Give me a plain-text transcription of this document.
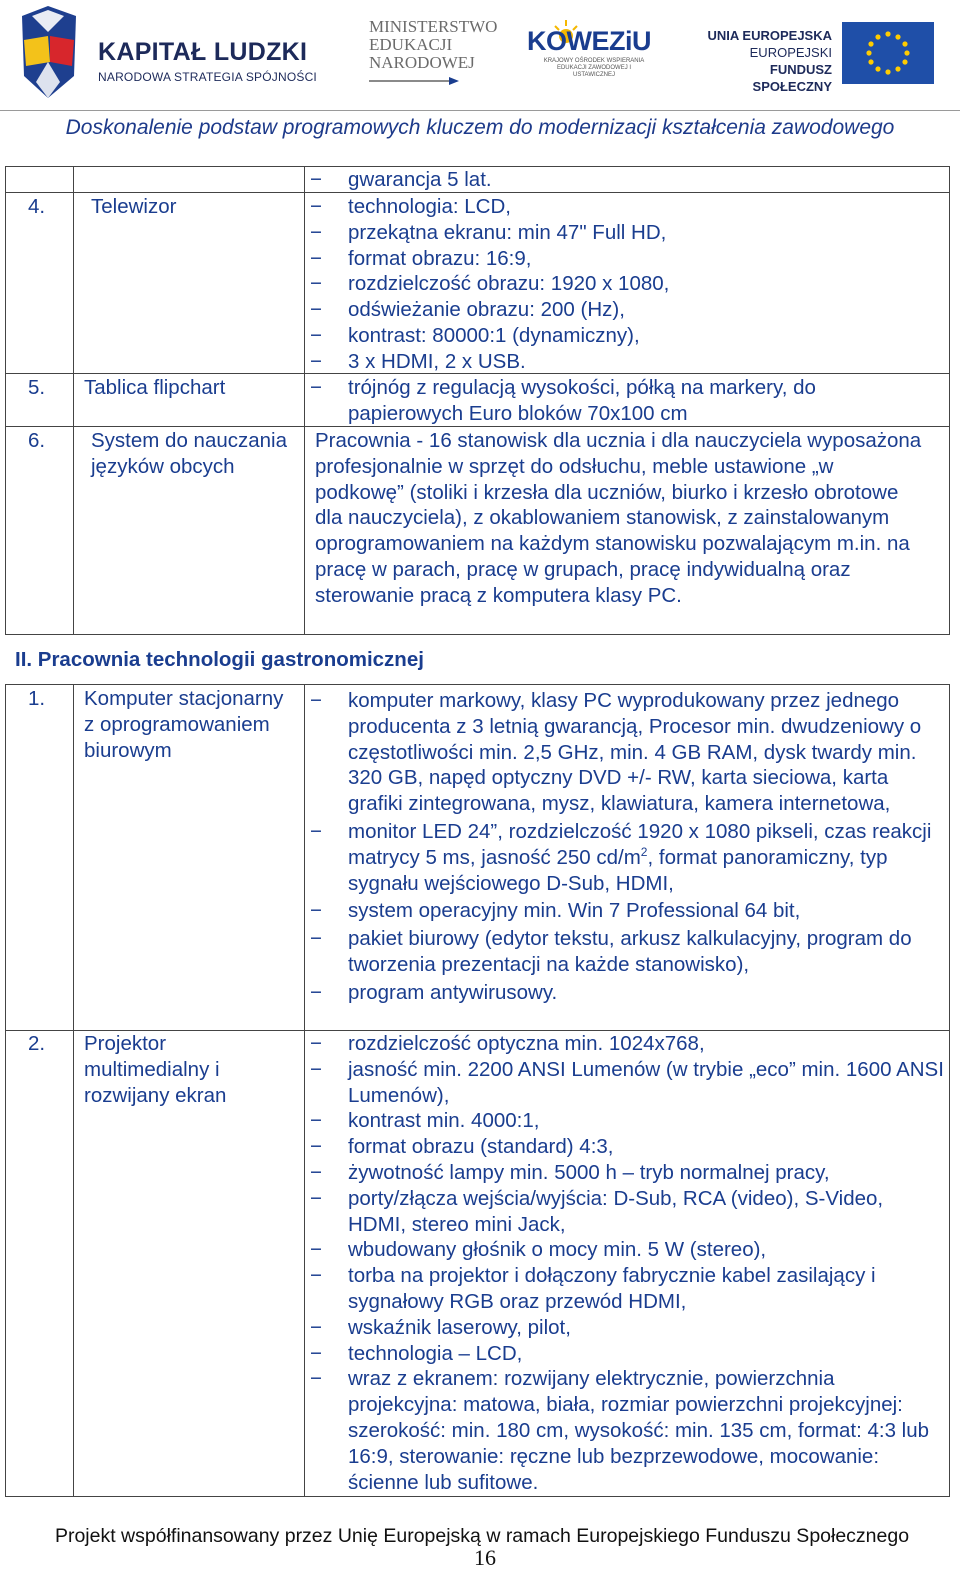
KAPITAŁ LUDZKI
NARODOWA STRATEGIA SPÓJNOŚCI
MINISTERSTWO
EDUKACJI
NARODOWEJ
KOWEZiU
KRAJOWY OŚRODEK WSPIERANIA EDUKACJI ZAWODOWEJ I USTAWICZNEJ
UNIA EUROPEJSKA
EUROPEJSKI
FUNDUSZ SPOŁECZNY
Doskonalenie podstaw programowych kluczem do modernizacji kształcenia zawodowego
− gwarancja 5 lat.
4. Telewizor	− technologia: LCD,
− przekątna ekranu: min 47" Full HD,
− format obrazu: 16:9,
− rozdzielczość obrazu: 1920 x 1080,
− odświeżanie obrazu: 200 (Hz),
− kontrast: 80000:1 (dynamiczny),
− 3 x HDMI, 2 x USB.
5. Tablica flipchart	− trójnóg z regulacją wysokości, półką na markery, do papierowych Euro bloków 70x100 cm
6. System do nauczania języków obcych

Pracownia - 16 stanowisk dla ucznia i dla nauczyciela wyposażona profesjonalnie w sprzęt do odsłuchu, meble ustawione „w podkowę” (stoliki i krzesła dla uczniów, biurko i krzesło obrotowe dla nauczyciela), z okablowaniem stanowisk, z zainstalowanym oprogramowaniem na każdym stanowisku pozwalającym m.in. na pracę w parach, pracę w grupach, pracę indywidualną oraz sterowanie pracą z komputera klasy PC.

II. Pracownia technologii gastronomicznej
1. Komputer stacjonarny z oprogramowaniem biurowym
− komputer markowy, klasy PC wyprodukowany przez jednego producenta z 3 letnią gwarancją, Procesor min. dwudzeniowy o częstotliwości min. 2,5 GHz, min. 4 GB RAM, dysk twardy min. 320 GB, napęd optyczny DVD +/- RW, karta sieciowa, karta grafiki zintegrowana, mysz, klawiatura, kamera internetowa,
− monitor LED 24”, rozdzielczość 1920 x 1080 pikseli, czas reakcji matrycy 5 ms, jasność 250 $cd/m^2$, format panoramiczny, typ sygnału wejściowego D-Sub, HDMI,
− system operacyjny min. Win 7 Professional 64 bit,
− pakiet biurowy (edytor tekstu, arkusz kalkulacyjny, program do tworzenia prezentacji na każde stanowisko),
− program antywirusowy.
2. Projektor multimedialny i rozwijany ekran
− rozdzielczość optyczna min. 1024x768,
− jasność min. 2200 ANSI Lumenów (w trybie „eco” min. 1600 ANSI Lumenów),
− kontrast min. 4000:1,
− format obrazu (standard) 4:3,
− żywotność lampy min. 5000 h – tryb normalnej pracy,
− porty/złącza wejścia/wyjścia: D-Sub, RCA (video), S-Video, HDMI, stereo mini Jack,
− wbudowany głośnik o mocy min. 5 W (stereo),
− torba na projektor i dołączony fabrycznie kabel zasilający i sygnałowy RGB oraz przewód HDMI,
− wskaźnik laserowy, pilot,
− technologia – LCD,
− wraz z ekranem: rozwijany elektrycznie, powierzchnia projekcyjna: matowa, biała, rozmiar powierzchni projekcyjnej: szerokość: min. 180 cm, wysokość: min. 135 cm, format: 4:3 lub 16:9, sterowanie: ręczne lub bezprzewodowe, mocowanie: ścienne lub sufitowe.
Projekt współfinansowany przez Unię Europejską w ramach Europejskiego Funduszu Społecznego
16
